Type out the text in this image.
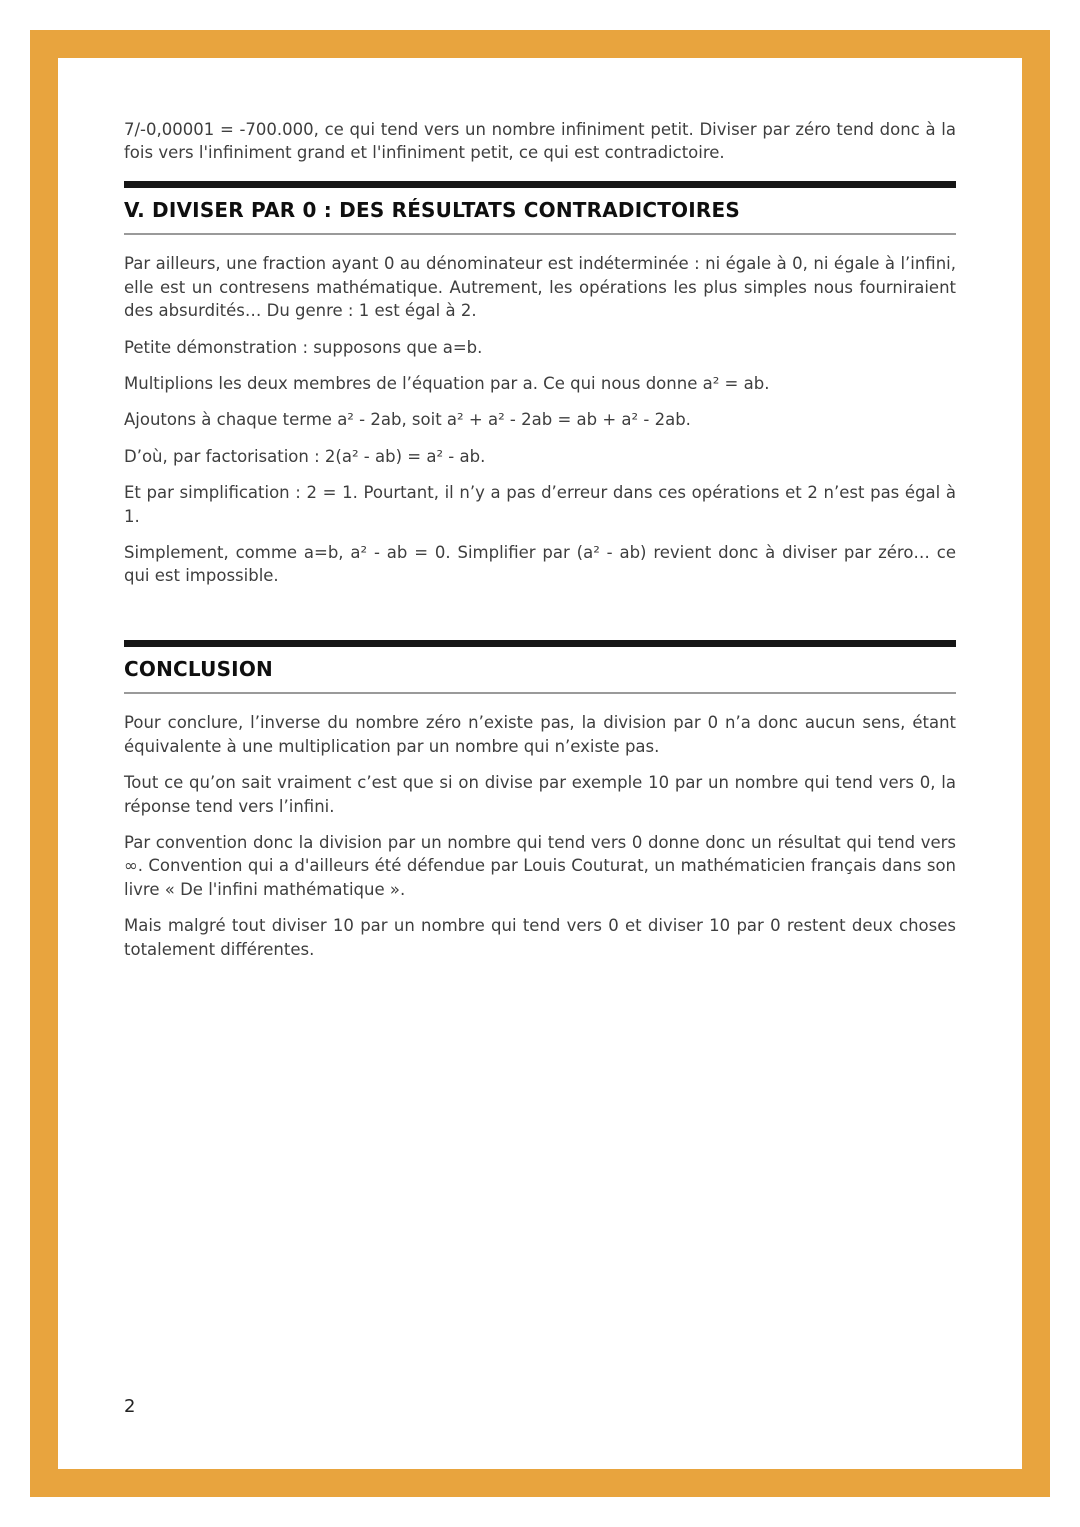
7/-0,00001 = -700.000, ce qui tend vers un nombre infiniment petit. Diviser par zéro tend donc à la fois vers l'infiniment grand et l'infiniment petit, ce qui est contradictoire.

V. DIVISER PAR 0 : DES RÉSULTATS CONTRADICTOIRES

Par ailleurs, une fraction ayant 0 au dénominateur est indéterminée : ni égale à 0, ni égale à l’infini, elle est un contresens mathématique. Autrement, les opérations les plus simples nous fourniraient des absurdités… Du genre : 1 est égal à 2.

Petite démonstration : supposons que a=b.

Multiplions les deux membres de l’équation par a. Ce qui nous donne a² = ab.

Ajoutons à chaque terme a² - 2ab, soit a² + a² - 2ab = ab + a² - 2ab.

D’où, par factorisation : 2(a² - ab) = a² - ab.

Et par simplification : 2 = 1. Pourtant, il n’y a pas d’erreur dans ces opérations et 2 n’est pas égal à 1.

Simplement, comme a=b, a² - ab = 0. Simplifier par (a² - ab) revient donc à diviser par zéro… ce qui est impossible.

CONCLUSION

Pour conclure, l’inverse du nombre zéro n’existe pas, la division par 0 n’a donc aucun sens, étant équivalente à une multiplication par un nombre qui n’existe pas.

Tout ce qu’on sait vraiment c’est que si on divise par exemple 10 par un nombre qui tend vers 0, la réponse tend vers l’infini.

Par convention donc la division par un nombre qui tend vers 0 donne donc un résultat qui tend vers ∞. Convention qui a d'ailleurs été défendue par Louis Couturat, un mathématicien français dans son livre « De l'infini mathématique ».

Mais malgré tout diviser 10 par un nombre qui tend vers 0 et diviser 10 par 0 restent deux choses totalement différentes.

2
